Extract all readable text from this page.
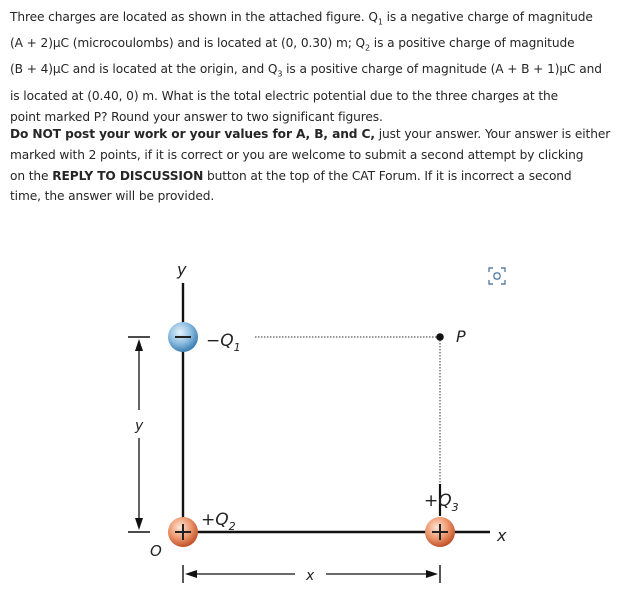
Three charges are located as shown in the attached figure. $Q_1$ is a negative charge of magnitude

(A + 2)μC (microcoulombs) and is located at (0, 0.30) m; $Q_2$ is a positive charge of magnitude

(B + 4)μC and is located at the origin, and $Q_3$ is a positive charge of magnitude (A + B + 1)μC and

is located at (0.40, 0) m. What is the total electric potential due to the three charges at the

point marked P? Round your answer to two significant figures.

Do NOT post your work or your values for A, B, and C, just your answer. Your answer is either

marked with 2 points, if it is correct or you are welcome to submit a second attempt by clicking

on the REPLY TO DISCUSSION button at the top of the CAT Forum. If it is incorrect a second

time, the answer will be provided.

P
y
x
y
x
O
$-Q_1$
$+Q_2$
$+Q_3$
